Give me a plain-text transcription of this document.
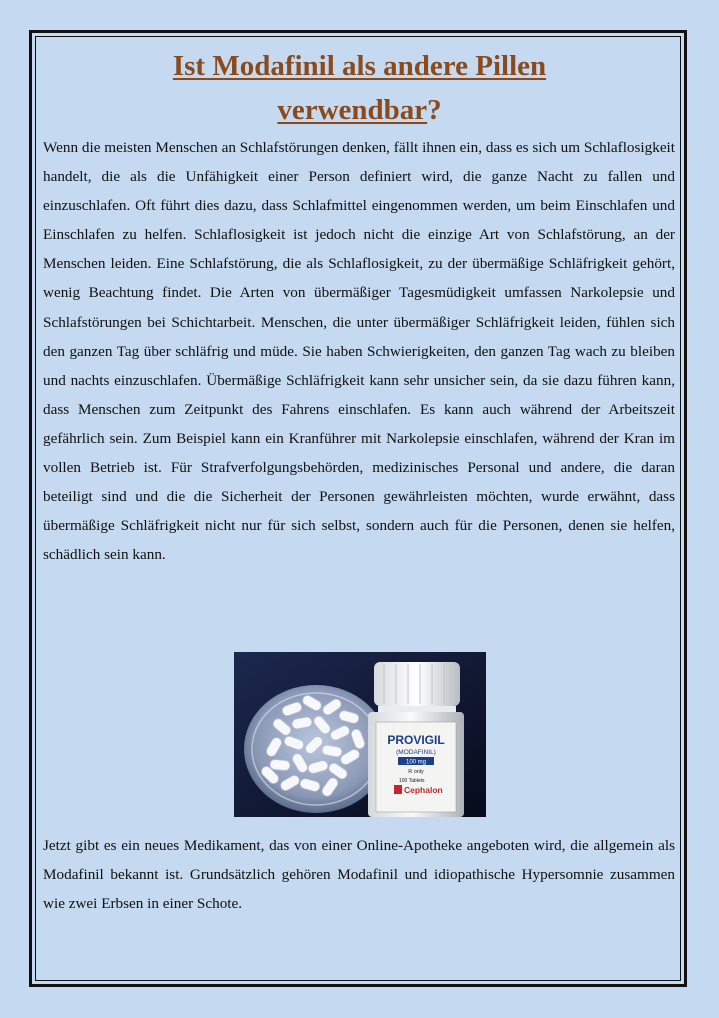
Ist Modafinil als andere Pillen
verwendbar?

Wenn die meisten Menschen an Schlafstörungen denken, fällt ihnen ein, dass es sich um Schlaflosigkeit handelt, die als die Unfähigkeit einer Person definiert wird, die ganze Nacht zu fallen und einzuschlafen. Oft führt dies dazu, dass Schlafmittel eingenommen werden, um beim Einschlafen und Einschlafen zu helfen. Schlaflosigkeit ist jedoch nicht die einzige Art von Schlafstörung, an der Menschen leiden. Eine Schlafstörung, die als Schlaflosigkeit, zu der übermäßige Schläfrigkeit gehört, wenig Beachtung findet. Die Arten von übermäßiger Tagesmüdigkeit umfassen Narkolepsie und Schlafstörungen bei Schichtarbeit. Menschen, die unter übermäßiger Schläfrigkeit leiden, fühlen sich den ganzen Tag über schläfrig und müde. Sie haben Schwierigkeiten, den ganzen Tag wach zu bleiben und nachts einzuschlafen. Übermäßige Schläfrigkeit kann sehr unsicher sein, da sie dazu führen kann, dass Menschen zum Zeitpunkt des Fahrens einschlafen. Es kann auch während der Arbeitszeit gefährlich sein. Zum Beispiel kann ein Kranführer mit Narkolepsie einschlafen, während der Kran im vollen Betrieb ist. Für Strafverfolgungsbehörden, medizinisches Personal und andere, die daran beteiligt sind und die die Sicherheit der Personen gewährleisten möchten, wurde erwähnt, dass übermäßige Schläfrigkeit nicht nur für sich selbst, sondern auch für die Personen, denen sie helfen, schädlich sein kann.

PROVIGIL
(MODAFINIL)
100 mg
R only
100 Tablets
Cephalon

Jetzt gibt es ein neues Medikament, das von einer Online-Apotheke angeboten wird, die allgemein als Modafinil bekannt ist. Grundsätzlich gehören Modafinil und idiopathische Hypersomnie zusammen wie zwei Erbsen in einer Schote.
